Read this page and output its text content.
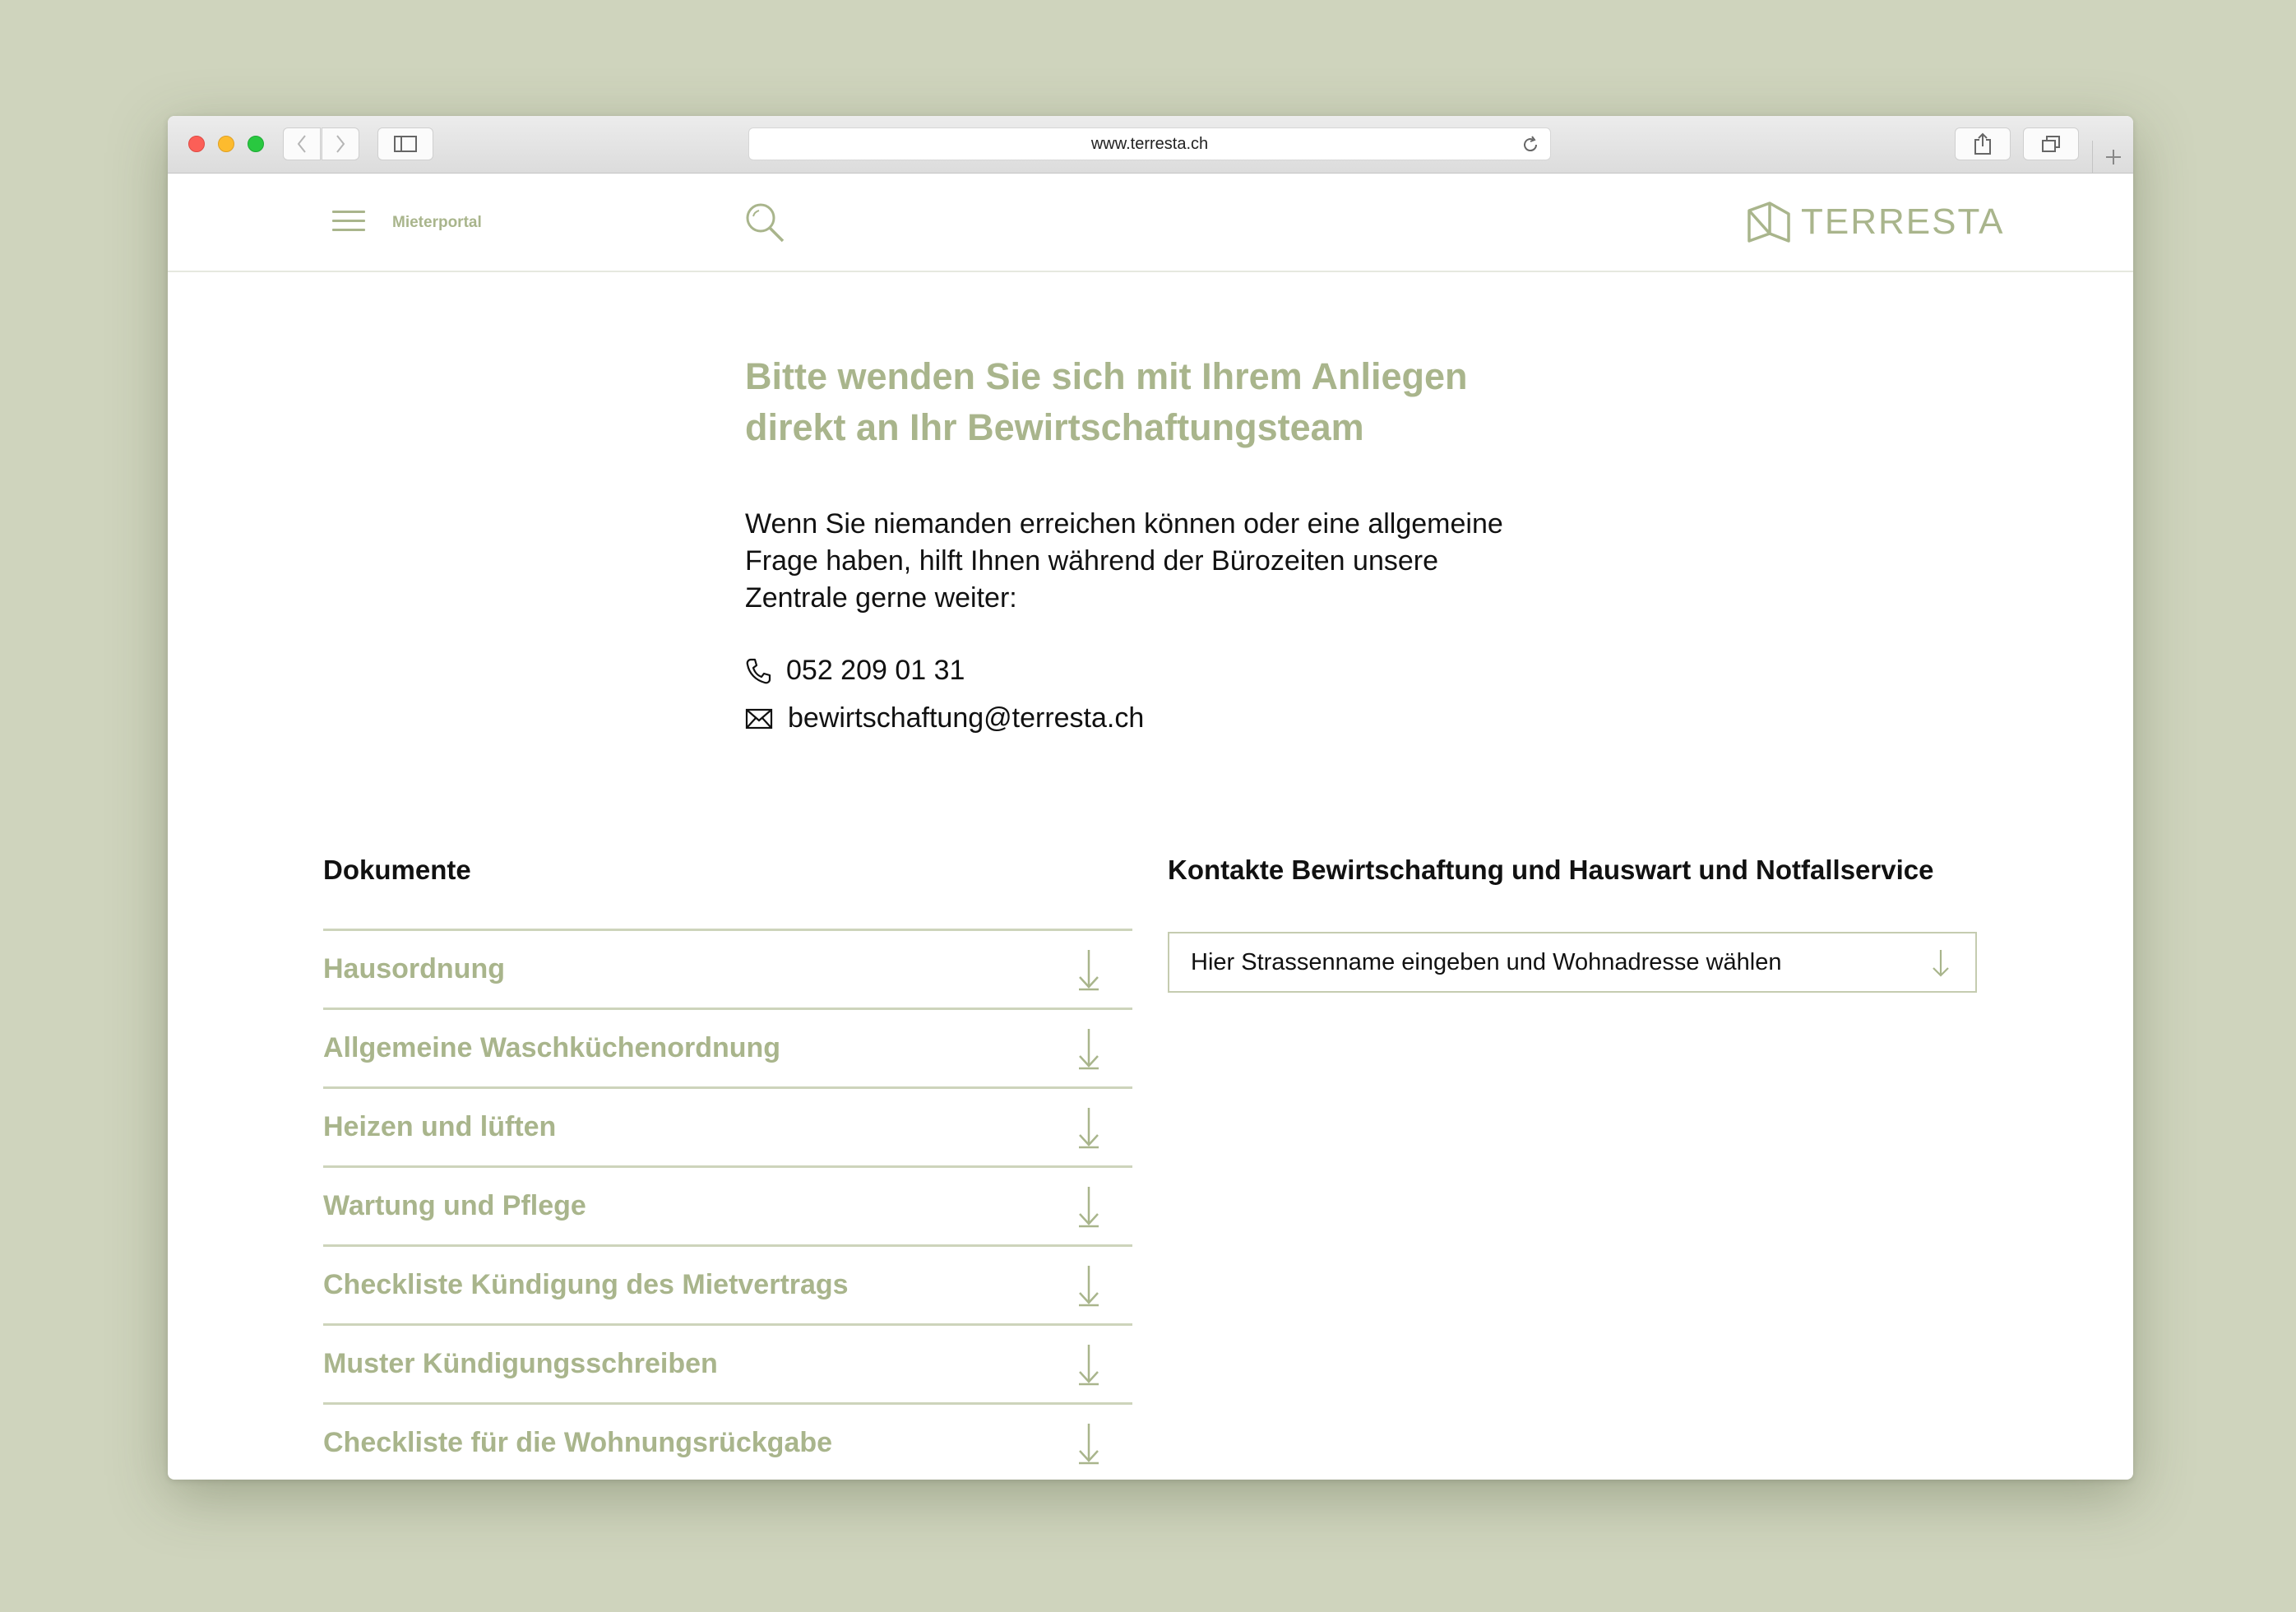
www.terresta.ch
Mieterportal	TERRESTA
Bitte wenden Sie sich mit Ihrem Anliegen
direkt an Ihr Bewirtschaftungsteam

Wenn Sie niemanden erreichen können oder eine allgemeine
Frage haben, hilft Ihnen während der Bürozeiten unsere
Zentrale gerne weiter:

052 209 01 31
bewirtschaftung@terresta.ch
Dokumente	Kontakte Bewirtschaftung und Hauswart und Notfallservice
Hausordnung
Allgemeine Waschküchenordnung
Heizen und lüften
Wartung und Pflege
Checkliste Kündigung des Mietvertrags
Muster Kündigungsschreiben
Checkliste für die Wohnungsrückgabe
Hier Strassenname eingeben und Wohnadresse wählen
